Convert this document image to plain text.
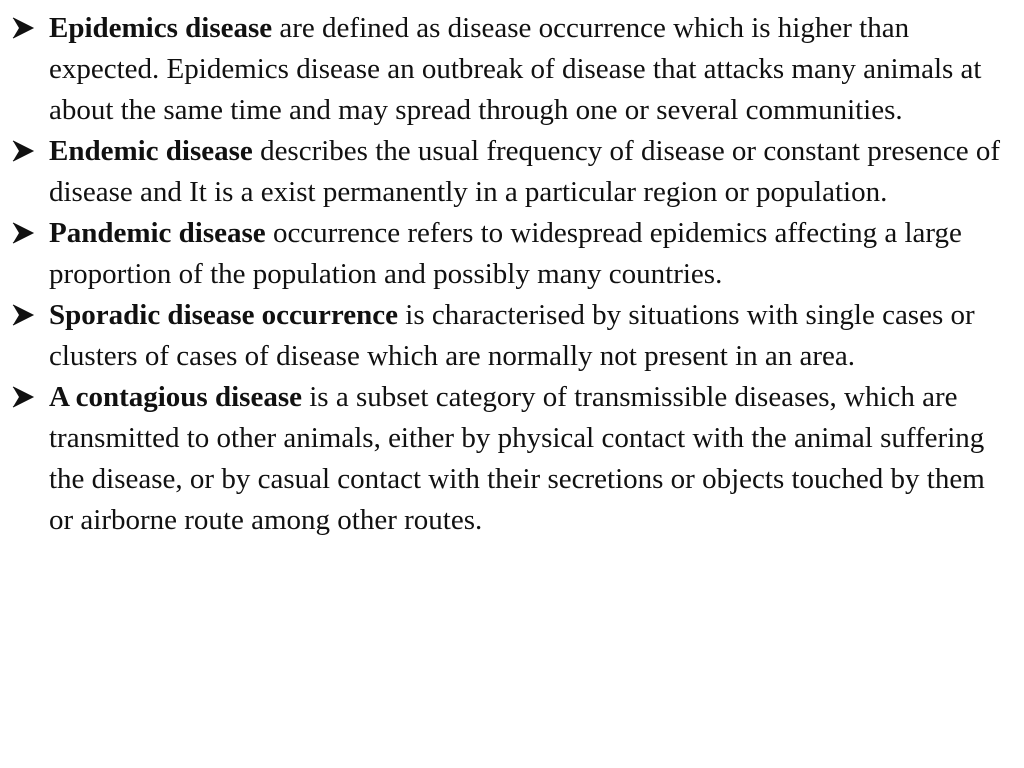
Epidemics disease are defined as disease occurrence which is higher than expected. Epidemics disease an outbreak of disease that attacks many animals at about the same time and may spread through one or several communities.
Endemic disease describes the usual frequency of disease or constant presence of disease and It is a exist permanently in a particular region or population.
Pandemic disease occurrence refers to widespread epidemics affecting a large proportion of the population and possibly many countries.
Sporadic disease occurrence is characterised by situations with single cases or clusters of cases of disease which are normally not present in an area.
A contagious disease is a subset category of transmissible diseases, which are transmitted to other animals, either by physical contact with the animal suffering the disease, or by casual contact with their secretions or objects touched by them or airborne route among other routes.
